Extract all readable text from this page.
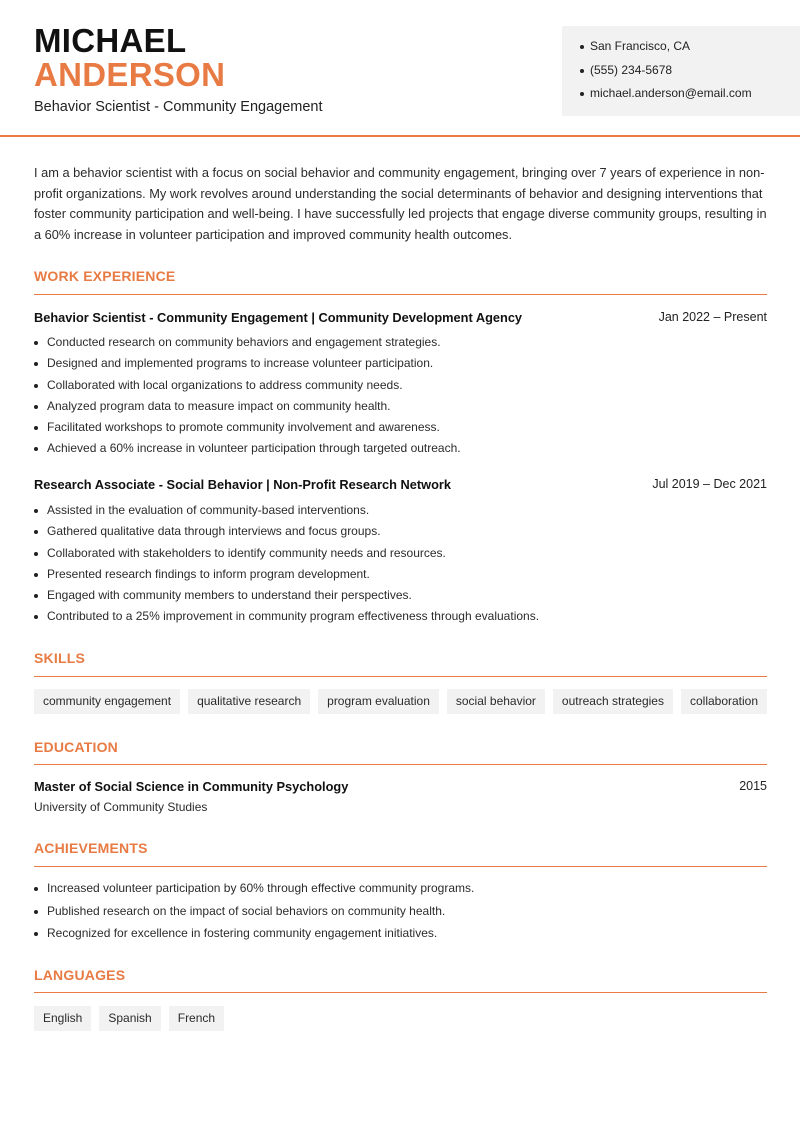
MICHAEL
ANDERSON
Behavior Scientist - Community Engagement
San Francisco, CA
(555) 234-5678
michael.anderson@email.com

I am a behavior scientist with a focus on social behavior and community engagement, bringing over 7 years of experience in non-profit organizations. My work revolves around understanding the social determinants of behavior and designing interventions that foster community participation and well-being. I have successfully led projects that engage diverse community groups, resulting in a 60% increase in volunteer participation and improved community health outcomes.

WORK EXPERIENCE
Behavior Scientist - Community Engagement | Community Development Agency	Jan 2022 – Present
Conducted research on community behaviors and engagement strategies.
Designed and implemented programs to increase volunteer participation.
Collaborated with local organizations to address community needs.
Analyzed program data to measure impact on community health.
Facilitated workshops to promote community involvement and awareness.
Achieved a 60% increase in volunteer participation through targeted outreach.
Research Associate - Social Behavior | Non-Profit Research Network	Jul 2019 – Dec 2021
Assisted in the evaluation of community-based interventions.
Gathered qualitative data through interviews and focus groups.
Collaborated with stakeholders to identify community needs and resources.
Presented research findings to inform program development.
Engaged with community members to understand their perspectives.
Contributed to a 25% improvement in community program effectiveness through evaluations.
SKILLS
community engagement	qualitative research	program evaluation	social behavior	outreach strategies	collaboration
EDUCATION
Master of Social Science in Community Psychology	2015
University of Community Studies
ACHIEVEMENTS
Increased volunteer participation by 60% through effective community programs.
Published research on the impact of social behaviors on community health.
Recognized for excellence in fostering community engagement initiatives.
LANGUAGES
English	Spanish	French
